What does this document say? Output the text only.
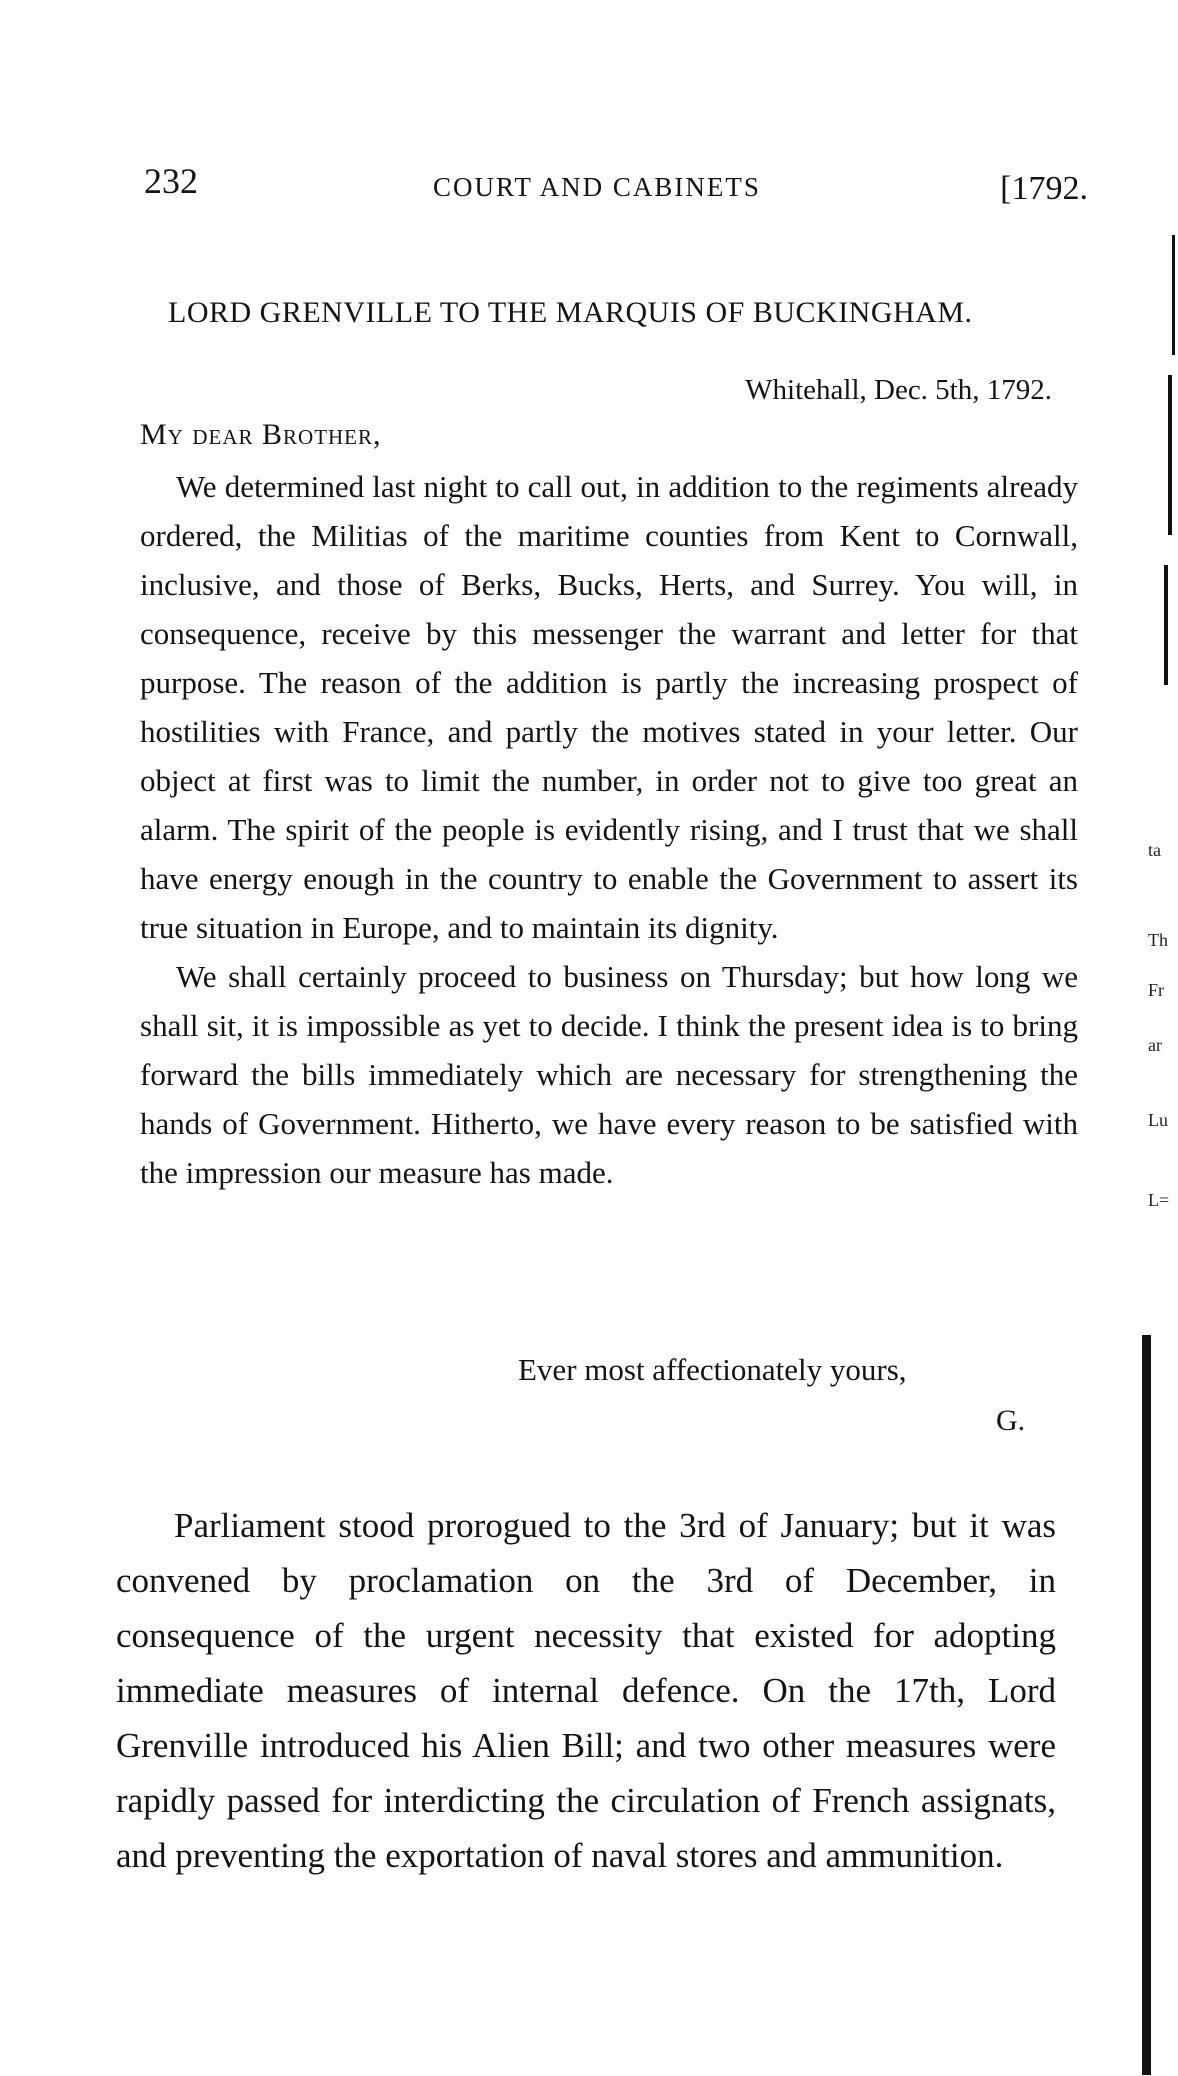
232	COURT AND CABINETS	[1792.
LORD GRENVILLE TO THE MARQUIS OF BUCKINGHAM.
Whitehall, Dec. 5th, 1792.
My dear Brother,

We determined last night to call out, in addition to the regiments already ordered, the Militias of the maritime counties from Kent to Cornwall, inclusive, and those of Berks, Bucks, Herts, and Surrey. You will, in consequence, receive by this messenger the warrant and letter for that purpose. The reason of the addition is partly the increasing prospect of hostilities with France, and partly the motives stated in your letter. Our object at first was to limit the number, in order not to give too great an alarm. The spirit of the people is evidently rising, and I trust that we shall have energy enough in the country to enable the Government to assert its true situation in Europe, and to maintain its dignity.

We shall certainly proceed to business on Thursday; but how long we shall sit, it is impossible as yet to decide. I think the present idea is to bring forward the bills immediately which are necessary for strengthening the hands of Government. Hitherto, we have every reason to be satisfied with the impression our measure has made.

Ever most affectionately yours,
G.

Parliament stood prorogued to the 3rd of January; but it was convened by proclamation on the 3rd of December, in consequence of the urgent necessity that existed for adopting immediate measures of internal defence. On the 17th, Lord Grenville introduced his Alien Bill; and two other measures were rapidly passed for interdicting the circulation of French assignats, and preventing the exportation of naval stores and ammunition.

ta
Th
Fr
ar
Lu
L=
